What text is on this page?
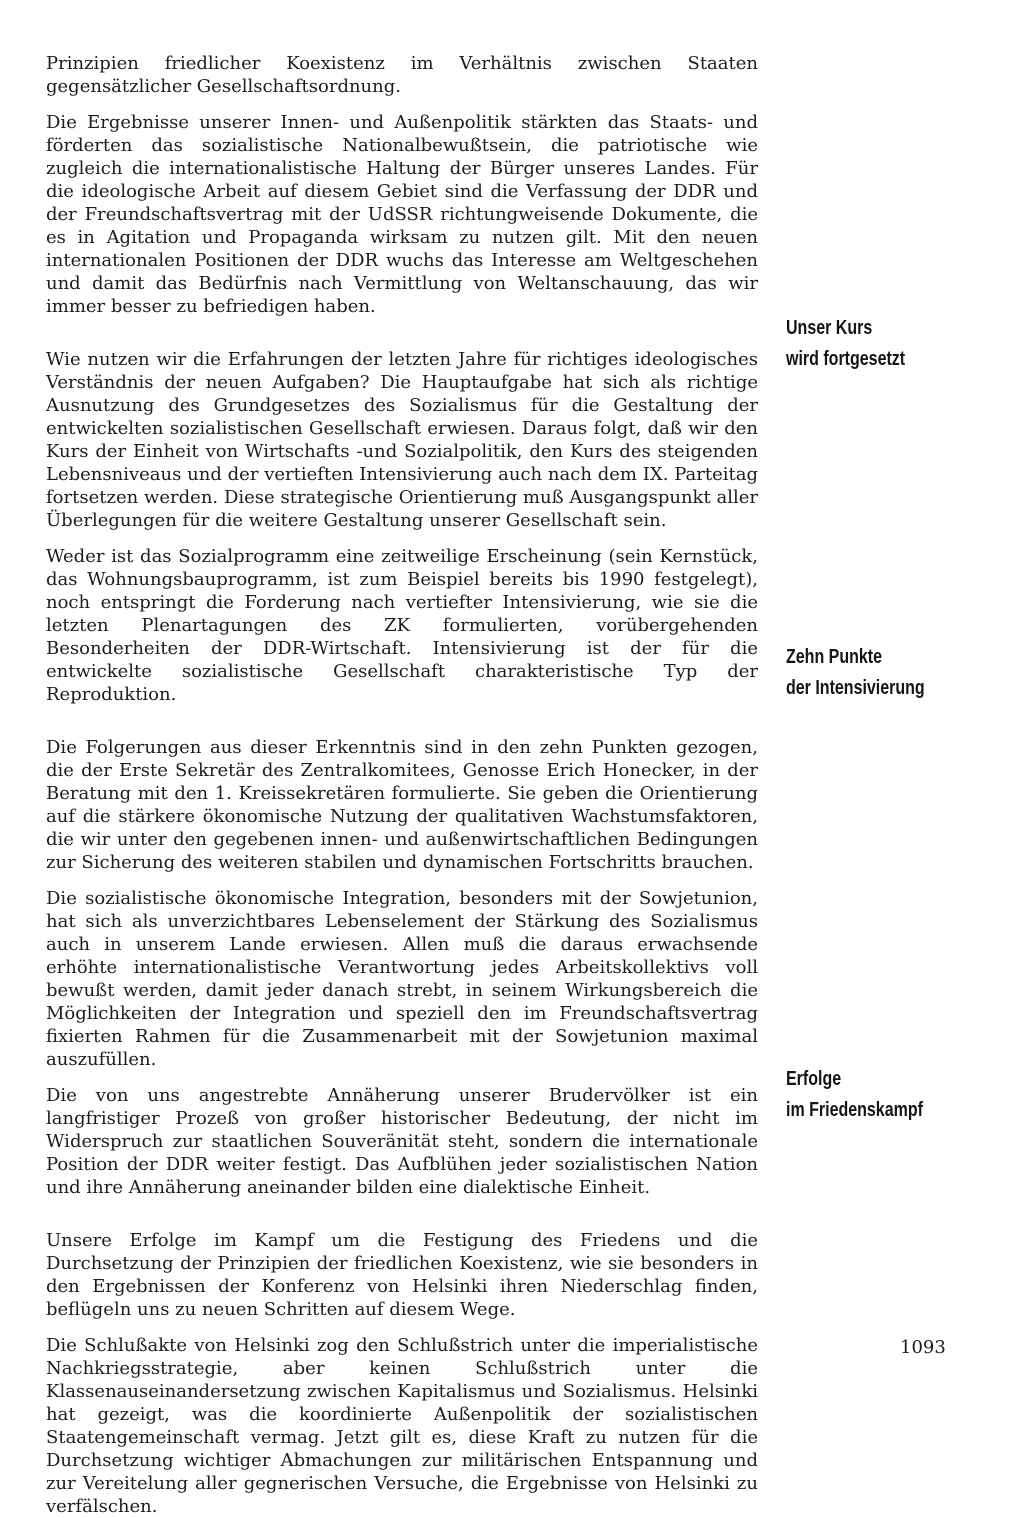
Prinzipien friedlicher Koexistenz im Verhältnis zwischen Staaten gegensätzlicher Gesellschaftsordnung.

Die Ergebnisse unserer Innen- und Außenpolitik stärkten das Staats- und förderten das sozialistische Nationalbewußtsein, die patriotische wie zugleich die internationalistische Haltung der Bürger unseres Landes. Für die ideologische Arbeit auf diesem Gebiet sind die Verfassung der DDR und der Freundschaftsvertrag mit der UdSSR richtungweisende Dokumente, die es in Agitation und Propaganda wirksam zu nutzen gilt. Mit den neuen internationalen Positionen der DDR wuchs das Interesse am Weltgeschehen und damit das Bedürfnis nach Vermittlung von Weltanschauung, das wir immer besser zu befriedigen haben.

Wie nutzen wir die Erfahrungen der letzten Jahre für richtiges ideologisches Verständnis der neuen Aufgaben? Die Hauptaufgabe hat sich als richtige Ausnutzung des Grundgesetzes des Sozialismus für die Gestaltung der entwickelten sozialistischen Gesellschaft erwiesen. Daraus folgt, daß wir den Kurs der Einheit von Wirtschafts -und Sozialpolitik, den Kurs des steigenden Lebensniveaus und der vertieften Intensivierung auch nach dem IX. Parteitag fortsetzen werden. Diese strategische Orientierung muß Ausgangspunkt aller Überlegungen für die weitere Gestaltung unserer Gesellschaft sein.

Weder ist das Sozialprogramm eine zeitweilige Erscheinung (sein Kernstück, das Wohnungsbauprogramm, ist zum Beispiel bereits bis 1990 festgelegt), noch entspringt die Forderung nach vertiefter Intensivierung, wie sie die letzten Plenartagungen des ZK formulierten, vorübergehenden Besonderheiten der DDR-Wirtschaft. Intensivierung ist der für die entwickelte sozialistische Gesellschaft charakteristische Typ der Reproduktion.

Die Folgerungen aus dieser Erkenntnis sind in den zehn Punkten gezogen, die der Erste Sekretär des Zentralkomitees, Genosse Erich Honecker, in der Beratung mit den 1. Kreissekretären formulierte. Sie geben die Orientierung auf die stärkere ökonomische Nutzung der qualitativen Wachstumsfaktoren, die wir unter den gegebenen innen- und außenwirtschaftlichen Bedingungen zur Sicherung des weiteren stabilen und dynamischen Fortschritts brauchen.

Die sozialistische ökonomische Integration, besonders mit der Sowjetunion, hat sich als unverzichtbares Lebenselement der Stärkung des Sozialismus auch in unserem Lande erwiesen. Allen muß die daraus erwachsende erhöhte internationalistische Verantwortung jedes Arbeitskollektivs voll bewußt werden, damit jeder danach strebt, in seinem Wirkungsbereich die Möglichkeiten der Integration und speziell den im Freundschaftsvertrag fixierten Rahmen für die Zusammenarbeit mit der Sowjetunion maximal auszufüllen.

Die von uns angestrebte Annäherung unserer Brudervölker ist ein langfristiger Prozeß von großer historischer Bedeutung, der nicht im Widerspruch zur staatlichen Souveränität steht, sondern die internationale Position der DDR weiter festigt. Das Aufblühen jeder sozialistischen Nation und ihre Annäherung aneinander bilden eine dialektische Einheit.

Unsere Erfolge im Kampf um die Festigung des Friedens und die Durchsetzung der Prinzipien der friedlichen Koexistenz, wie sie besonders in den Ergebnissen der Konferenz von Helsinki ihren Niederschlag finden, beflügeln uns zu neuen Schritten auf diesem Wege.

Die Schlußakte von Helsinki zog den Schlußstrich unter die imperialistische Nachkriegsstrategie, aber keinen Schlußstrich unter die Klassenauseinandersetzung zwischen Kapitalismus und Sozialismus. Helsinki hat gezeigt, was die koordinierte Außenpolitik der sozialistischen Staatengemeinschaft vermag. Jetzt gilt es, diese Kraft zu nutzen für die Durchsetzung wichtiger Abmachungen zur militärischen Entspannung und zur Vereitelung aller gegnerischen Versuche, die Ergebnisse von Helsinki zu verfälschen.

Unser Kurs
wird fortgesetzt
Zehn Punkte
der Intensivierung
Erfolge
im Friedenskampf
1093
